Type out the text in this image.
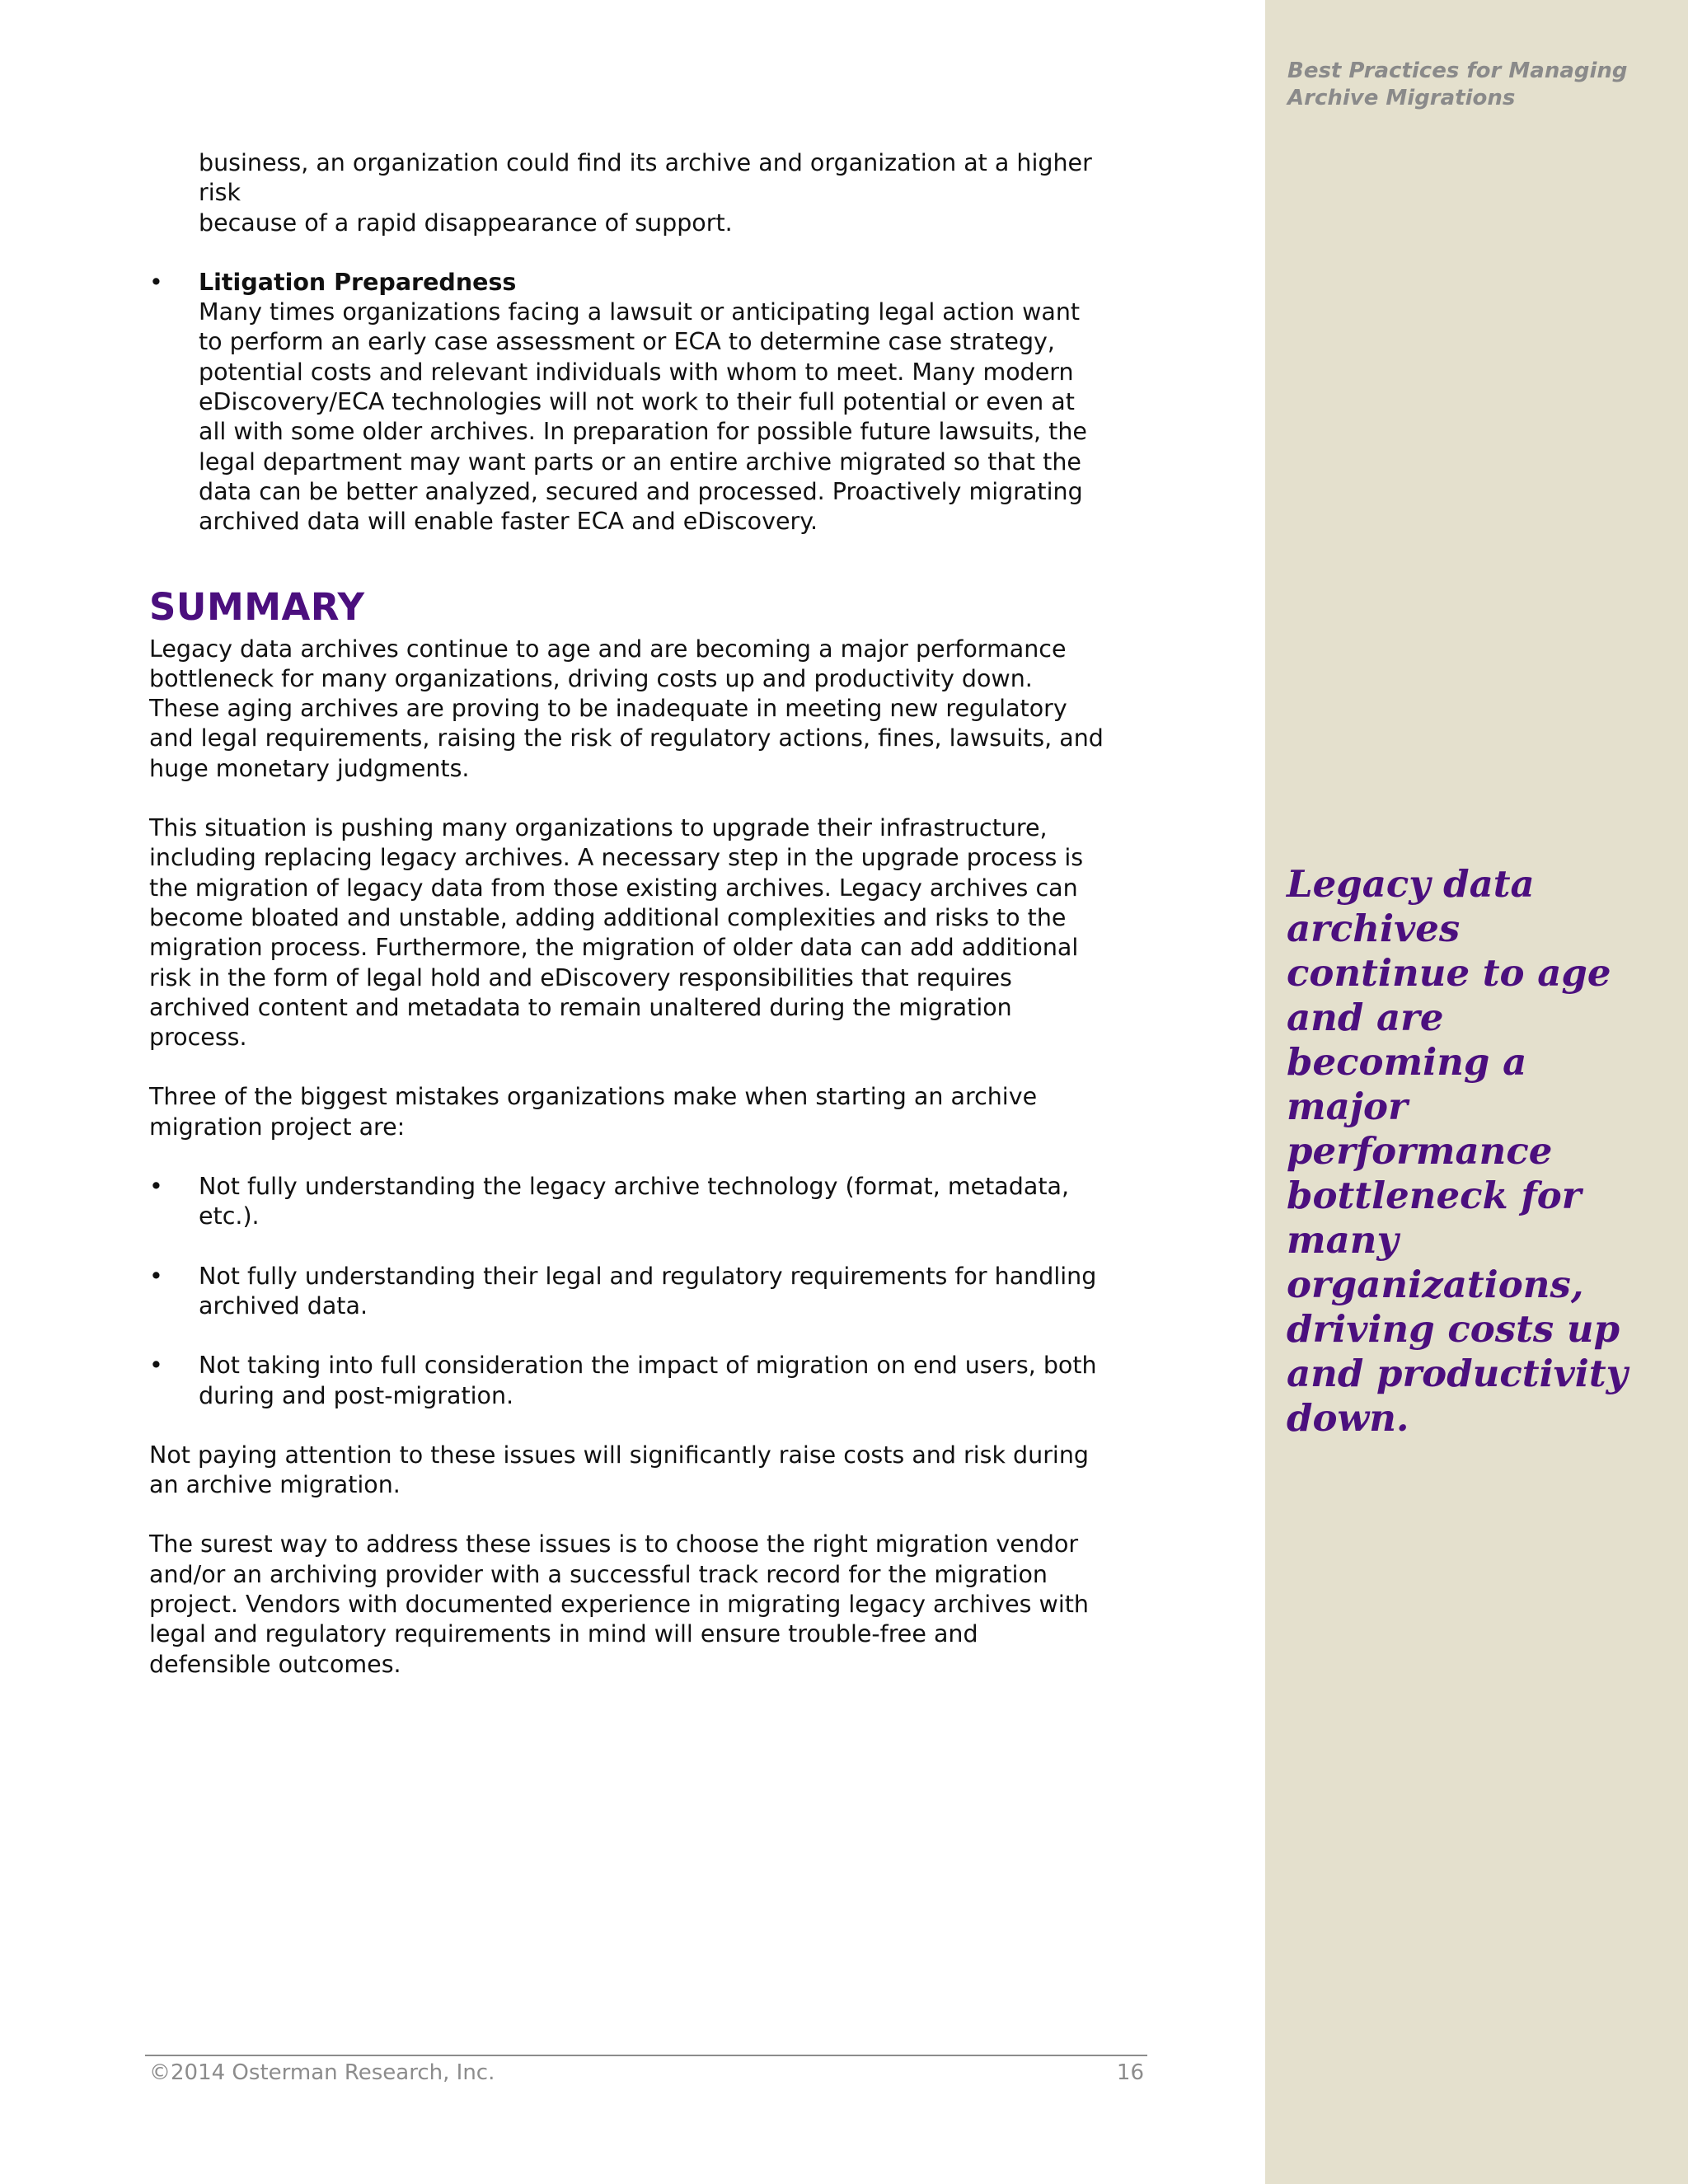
Best Practices for Managing
Archive Migrations
Legacy data archives continue to age and are becoming a major performance bottleneck for many organizations, driving costs up and productivity down.
business, an organization could find its archive and organization at a higher risk
because of a rapid disappearance of support.
• Litigation Preparedness

Many times organizations facing a lawsuit or anticipating legal action want to perform an early case assessment or ECA to determine case strategy, potential costs and relevant individuals with whom to meet. Many modern eDiscovery/ECA technologies will not work to their full potential or even at all with some older archives. In preparation for possible future lawsuits, the legal department may want parts or an entire archive migrated so that the data can be better analyzed, secured and processed. Proactively migrating archived data will enable faster ECA and eDiscovery.

SUMMARY

Legacy data archives continue to age and are becoming a major performance bottleneck for many organizations, driving costs up and productivity down. These aging archives are proving to be inadequate in meeting new regulatory and legal requirements, raising the risk of regulatory actions, fines, lawsuits, and huge monetary judgments.

This situation is pushing many organizations to upgrade their infrastructure, including replacing legacy archives. A necessary step in the upgrade process is the migration of legacy data from those existing archives. Legacy archives can become bloated and unstable, adding additional complexities and risks to the migration process. Furthermore, the migration of older data can add additional risk in the form of legal hold and eDiscovery responsibilities that requires archived content and metadata to remain unaltered during the migration process.

Three of the biggest mistakes organizations make when starting an archive migration project are:

• Not fully understanding the legacy archive technology (format, metadata, etc.).

• Not fully understanding their legal and regulatory requirements for handling archived data.

• Not taking into full consideration the impact of migration on end users, both during and post-migration.

Not paying attention to these issues will significantly raise costs and risk during an archive migration.

The surest way to address these issues is to choose the right migration vendor and/or an archiving provider with a successful track record for the migration project. Vendors with documented experience in migrating legacy archives with legal and regulatory requirements in mind will ensure trouble-free and defensible outcomes.

©2014 Osterman Research, Inc.	16
